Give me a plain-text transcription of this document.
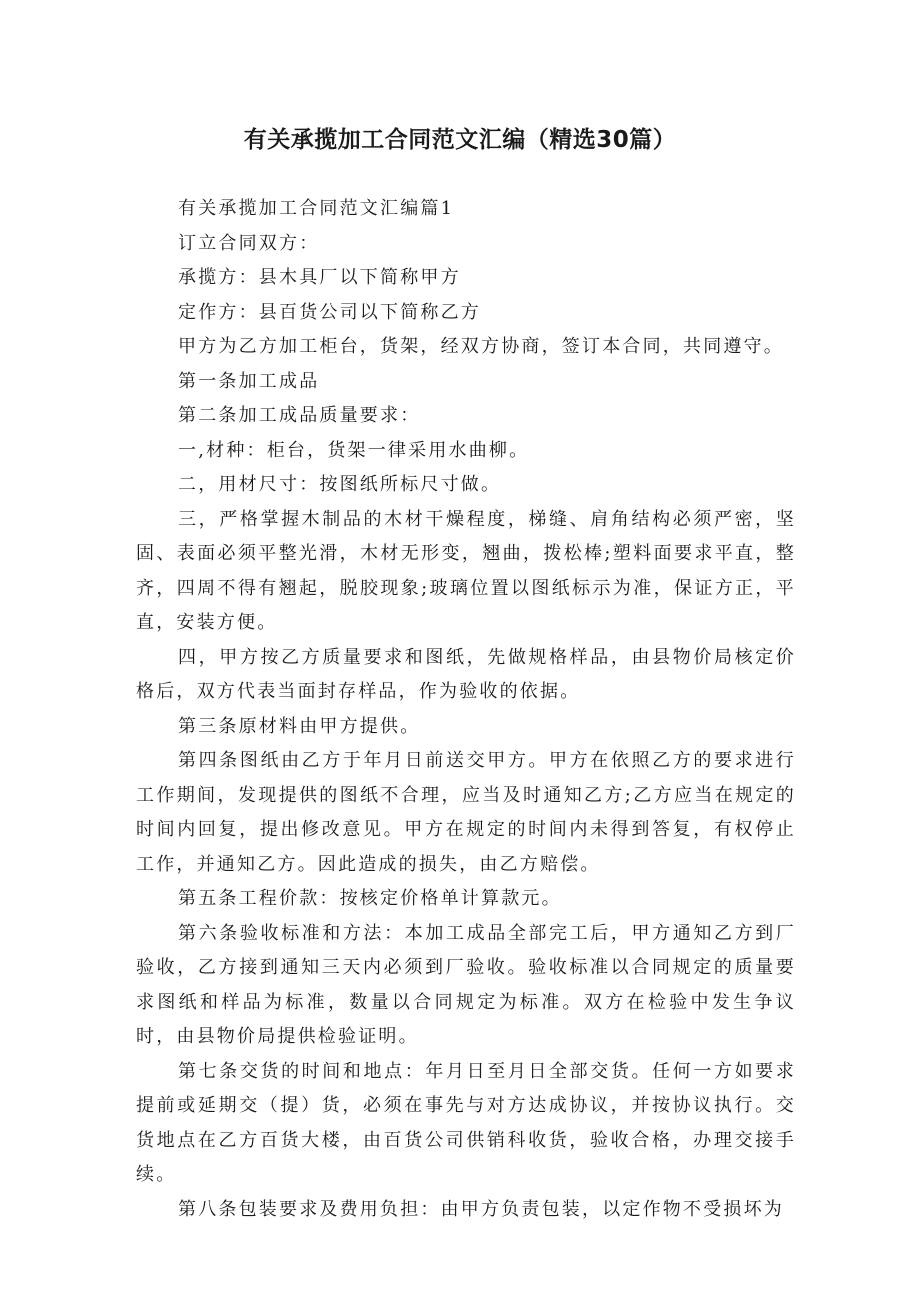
有关承揽加工合同范文汇编（精选30篇）

有关承揽加工合同范文汇编篇1

订立合同双方：

承揽方：县木具厂以下简称甲方

定作方：县百货公司以下简称乙方

甲方为乙方加工柜台，货架，经双方协商，签订本合同，共同遵守。

第一条加工成品

第二条加工成品质量要求：

一,材种：柜台，货架一律采用水曲柳。

二，用材尺寸：按图纸所标尺寸做。

三，严格掌握木制品的木材干燥程度，梯缝、肩角结构必须严密，坚固、表面必须平整光滑，木材无形变，翘曲，拨松棒;塑料面要求平直，整齐，四周不得有翘起，脱胶现象;玻璃位置以图纸标示为准，保证方正，平直，安装方便。

四，甲方按乙方质量要求和图纸，先做规格样品，由县物价局核定价格后，双方代表当面封存样品，作为验收的依据。

第三条原材料由甲方提供。

第四条图纸由乙方于年月日前送交甲方。甲方在依照乙方的要求进行工作期间，发现提供的图纸不合理，应当及时通知乙方;乙方应当在规定的时间内回复，提出修改意见。甲方在规定的时间内未得到答复，有权停止工作，并通知乙方。因此造成的损失，由乙方赔偿。

第五条工程价款：按核定价格单计算款元。

第六条验收标准和方法：本加工成品全部完工后，甲方通知乙方到厂验收，乙方接到通知三天内必须到厂验收。验收标准以合同规定的质量要求图纸和样品为标准，数量以合同规定为标准。双方在检验中发生争议时，由县物价局提供检验证明。

第七条交货的时间和地点：年月日至月日全部交货。任何一方如要求提前或延期交（提）货，必须在事先与对方达成协议，并按协议执行。交货地点在乙方百货大楼，由百货公司供销科收货，验收合格，办理交接手续。

第八条包装要求及费用负担：由甲方负责包装，以定作物不受损坏为
